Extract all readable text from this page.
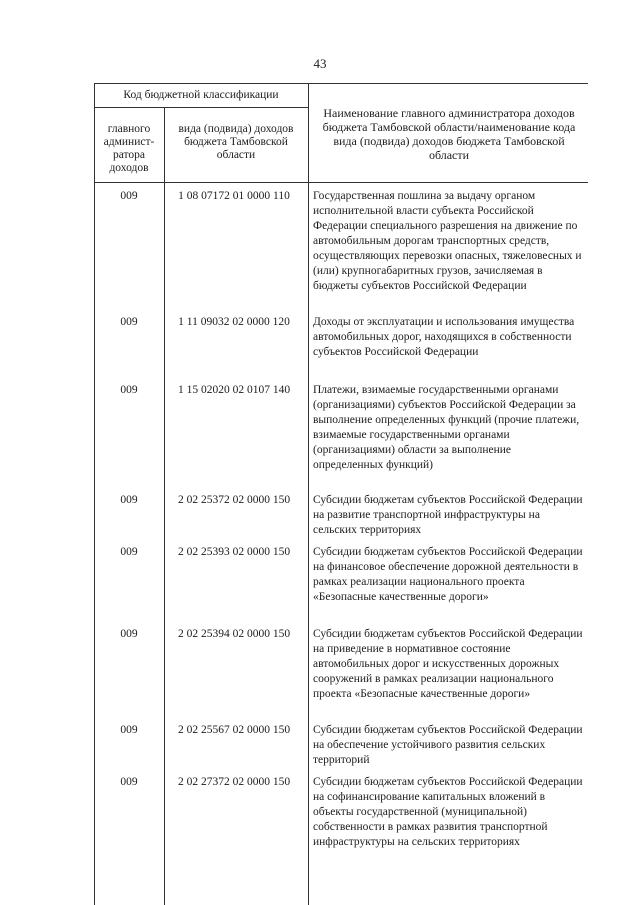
43
Код бюджетной классификации
главного админист-ратора доходов
вида (подвида) доходов бюджета Тамбовской области
Наименование главного администратора доходов бюджета Тамбовской области/наименование кода вида (подвида) доходов бюджета Тамбовской области
009	1 08 07172 01 0000 110	Государственная пошлина за выдачу органом исполнительной власти субъекта Российской Федерации специального разрешения на движение по автомобильным дорогам транспортных средств, осуществляющих перевозки опасных, тяжеловесных и (или) крупногабаритных грузов, зачисляемая в бюджеты субъектов Российской Федерации
009	1 11 09032 02 0000 120	Доходы от эксплуатации и использования имущества автомобильных дорог, находящихся в собственности субъектов Российской Федерации
009	1 15 02020 02 0107 140	Платежи, взимаемые государственными органами (организациями) субъектов Российской Федерации за выполнение определенных функций (прочие платежи, взимаемые государственными органами (организациями) области за выполнение определенных функций)
009	2 02 25372 02 0000 150	Субсидии бюджетам субъектов Российской Федерации на развитие транспортной инфраструктуры на сельских территориях
009	2 02 25393 02 0000 150	Субсидии бюджетам субъектов Российской Федерации на финансовое обеспечение дорожной деятельности в рамках реализации национального проекта «Безопасные качественные дороги»
009	2 02 25394 02 0000 150	Субсидии бюджетам субъектов Российской Федерации на приведение в нормативное состояние автомобильных дорог и искусственных дорожных сооружений в рамках реализации национального проекта «Безопасные качественные дороги»
009	2 02 25567 02 0000 150	Субсидии бюджетам субъектов Российской Федерации на обеспечение устойчивого развития сельских территорий
009	2 02 27372 02 0000 150	Субсидии бюджетам субъектов Российской Федерации на софинансирование капитальных вложений в объекты государственной (муниципальной) собственности в рамках развития транспортной инфраструктуры на сельских территориях
